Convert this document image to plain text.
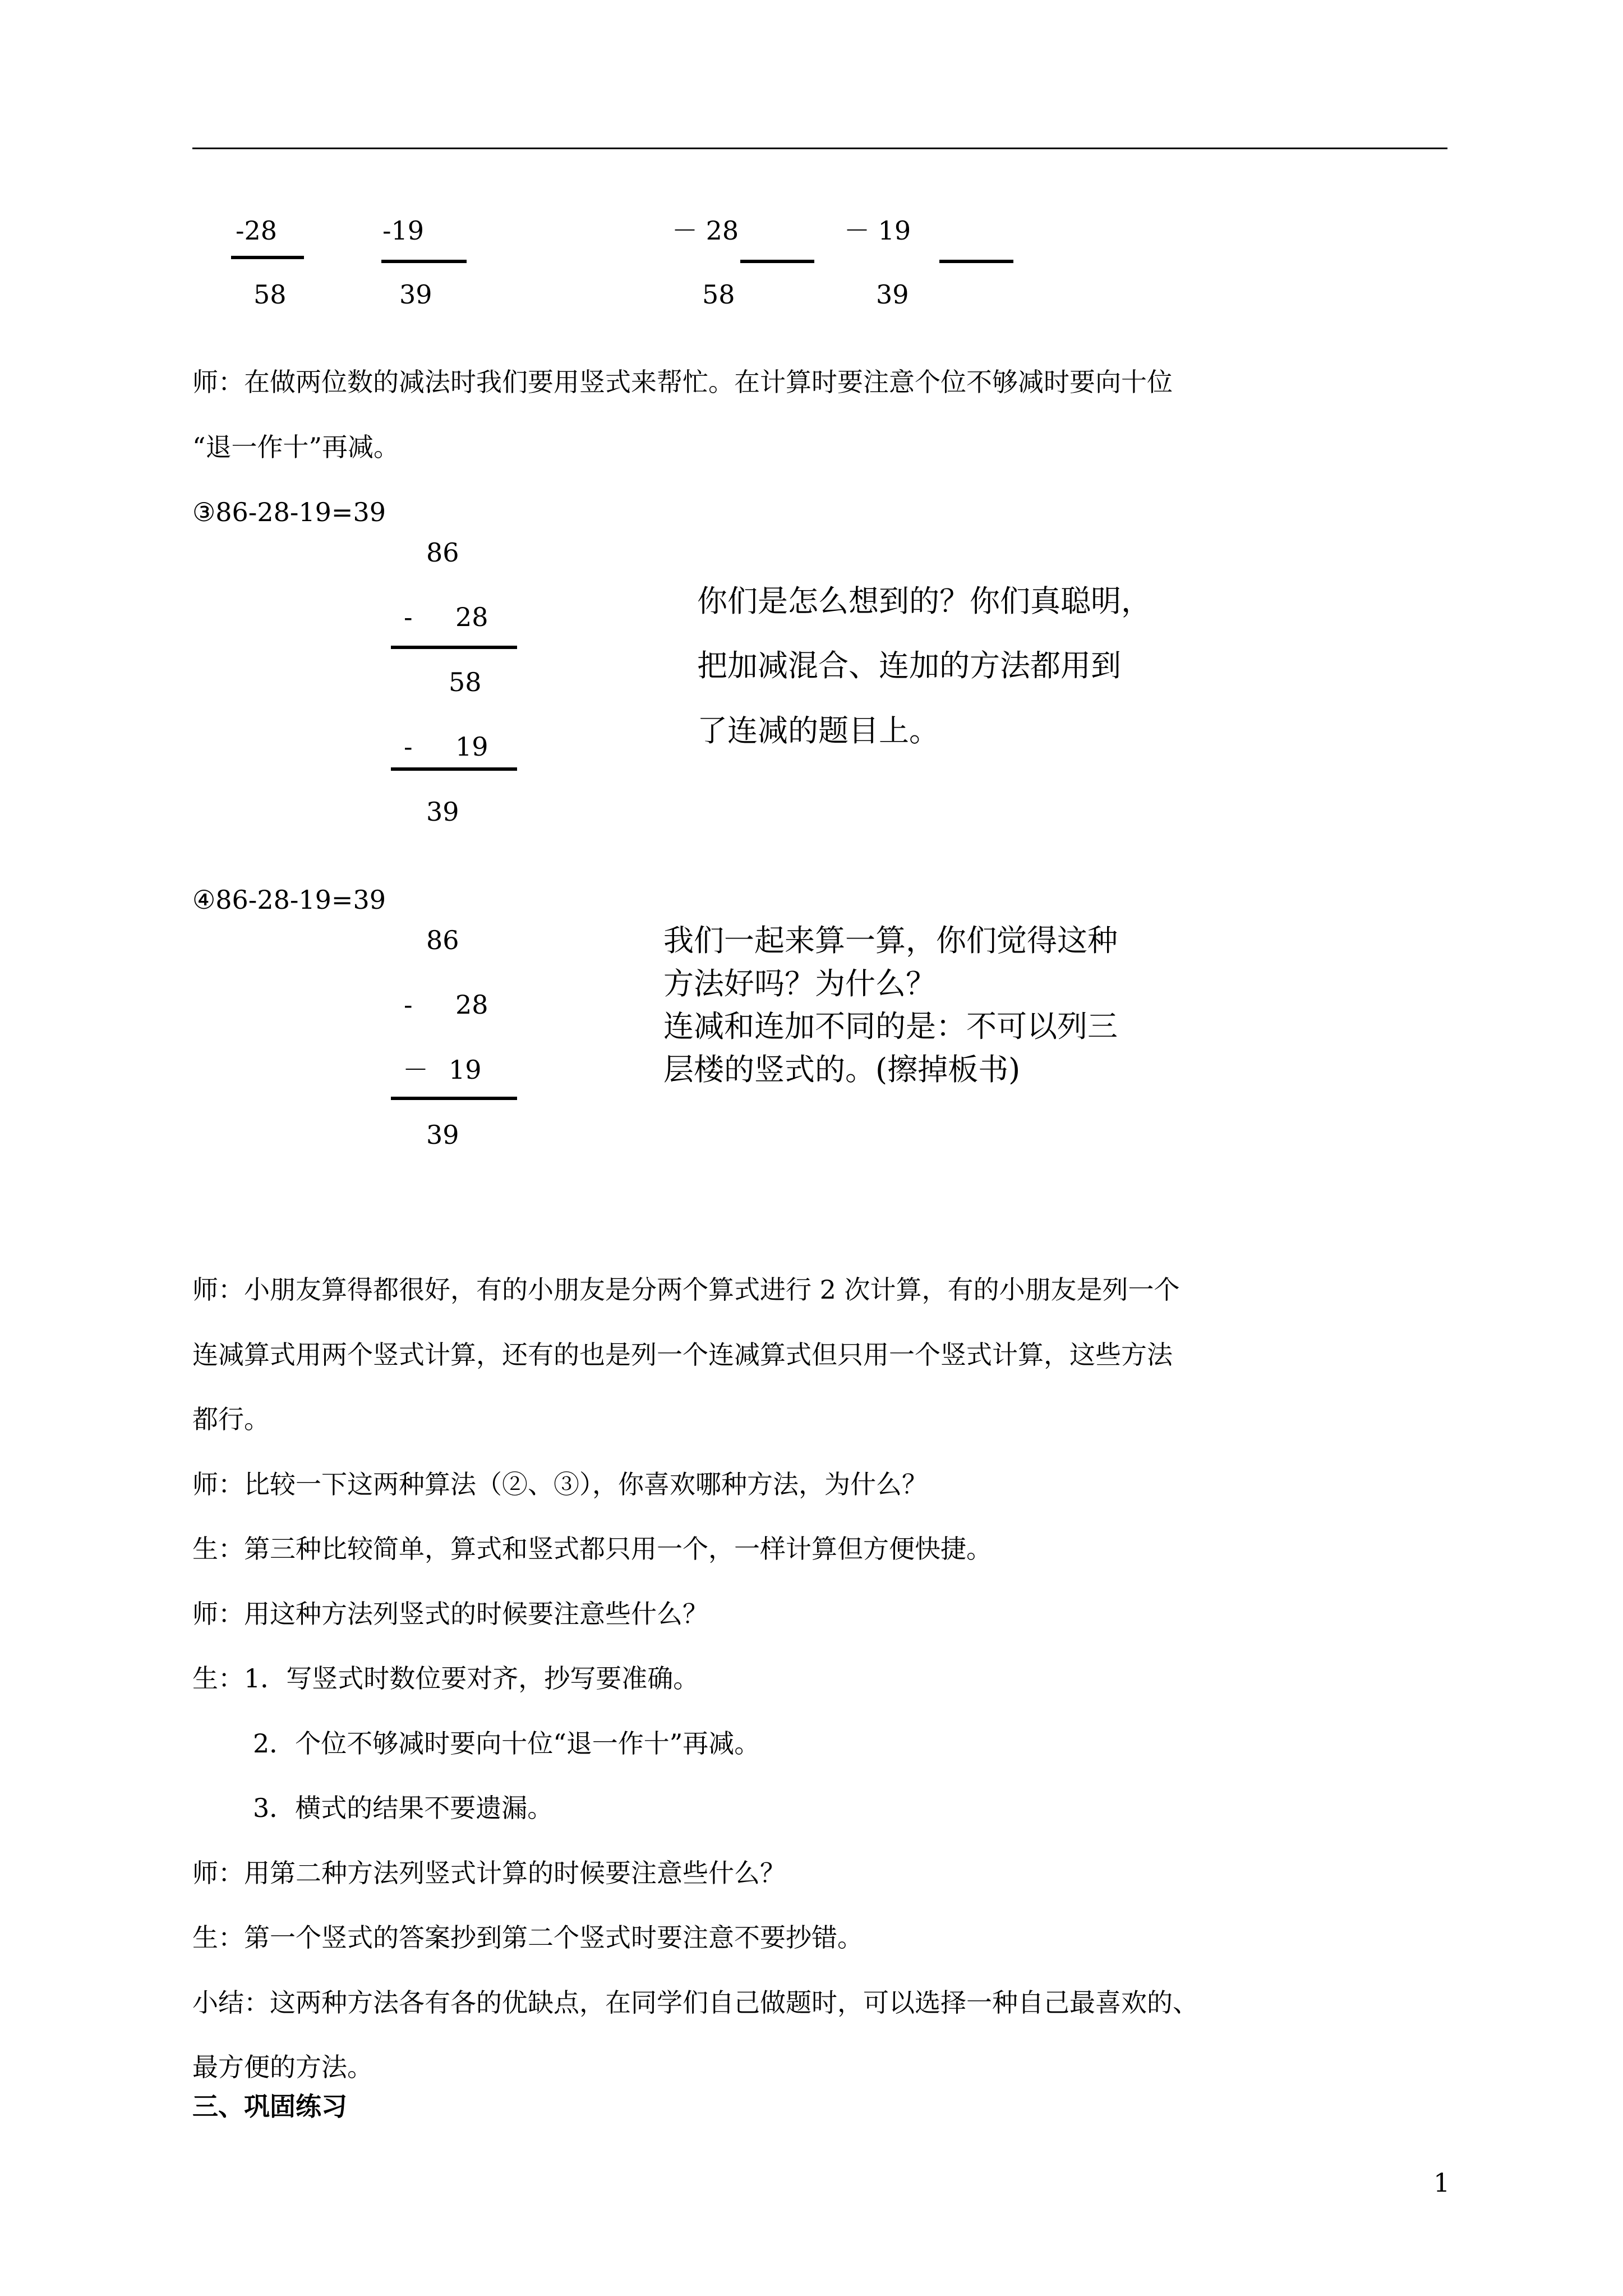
-28
58
-19
39
－ 28
58
－ 19
39

师：在做两位数的减法时我们要用竖式来帮忙。在计算时要注意个位不够减时要向十位

“退一作十”再减。

③86-28-19=39

86
- 28
58
- 19
39
你们是怎么想到的？你们真聪明，
把加减混合、连加的方法都用到
了连减的题目上。

④86-28-19=39

86
- 28
－ 19
39
我们一起来算一算，你们觉得这种
方法好吗？为什么？
连减和连加不同的是：不可以列三
层楼的竖式的。(擦掉板书)

师：小朋友算得都很好，有的小朋友是分两个算式进行 2 次计算，有的小朋友是列一个

连减算式用两个竖式计算，还有的也是列一个连减算式但只用一个竖式计算，这些方法

都行。

师：比较一下这两种算法（②、③），你喜欢哪种方法，为什么？

生：第三种比较简单，算式和竖式都只用一个，一样计算但方便快捷。

师：用这种方法列竖式的时候要注意些什么？

生：1．写竖式时数位要对齐，抄写要准确。

2．个位不够减时要向十位“退一作十”再减。

3．横式的结果不要遗漏。

师：用第二种方法列竖式计算的时候要注意些什么？

生：第一个竖式的答案抄到第二个竖式时要注意不要抄错。

小结：这两种方法各有各的优缺点，在同学们自己做题时，可以选择一种自己最喜欢的、

最方便的方法。

三、巩固练习
1
